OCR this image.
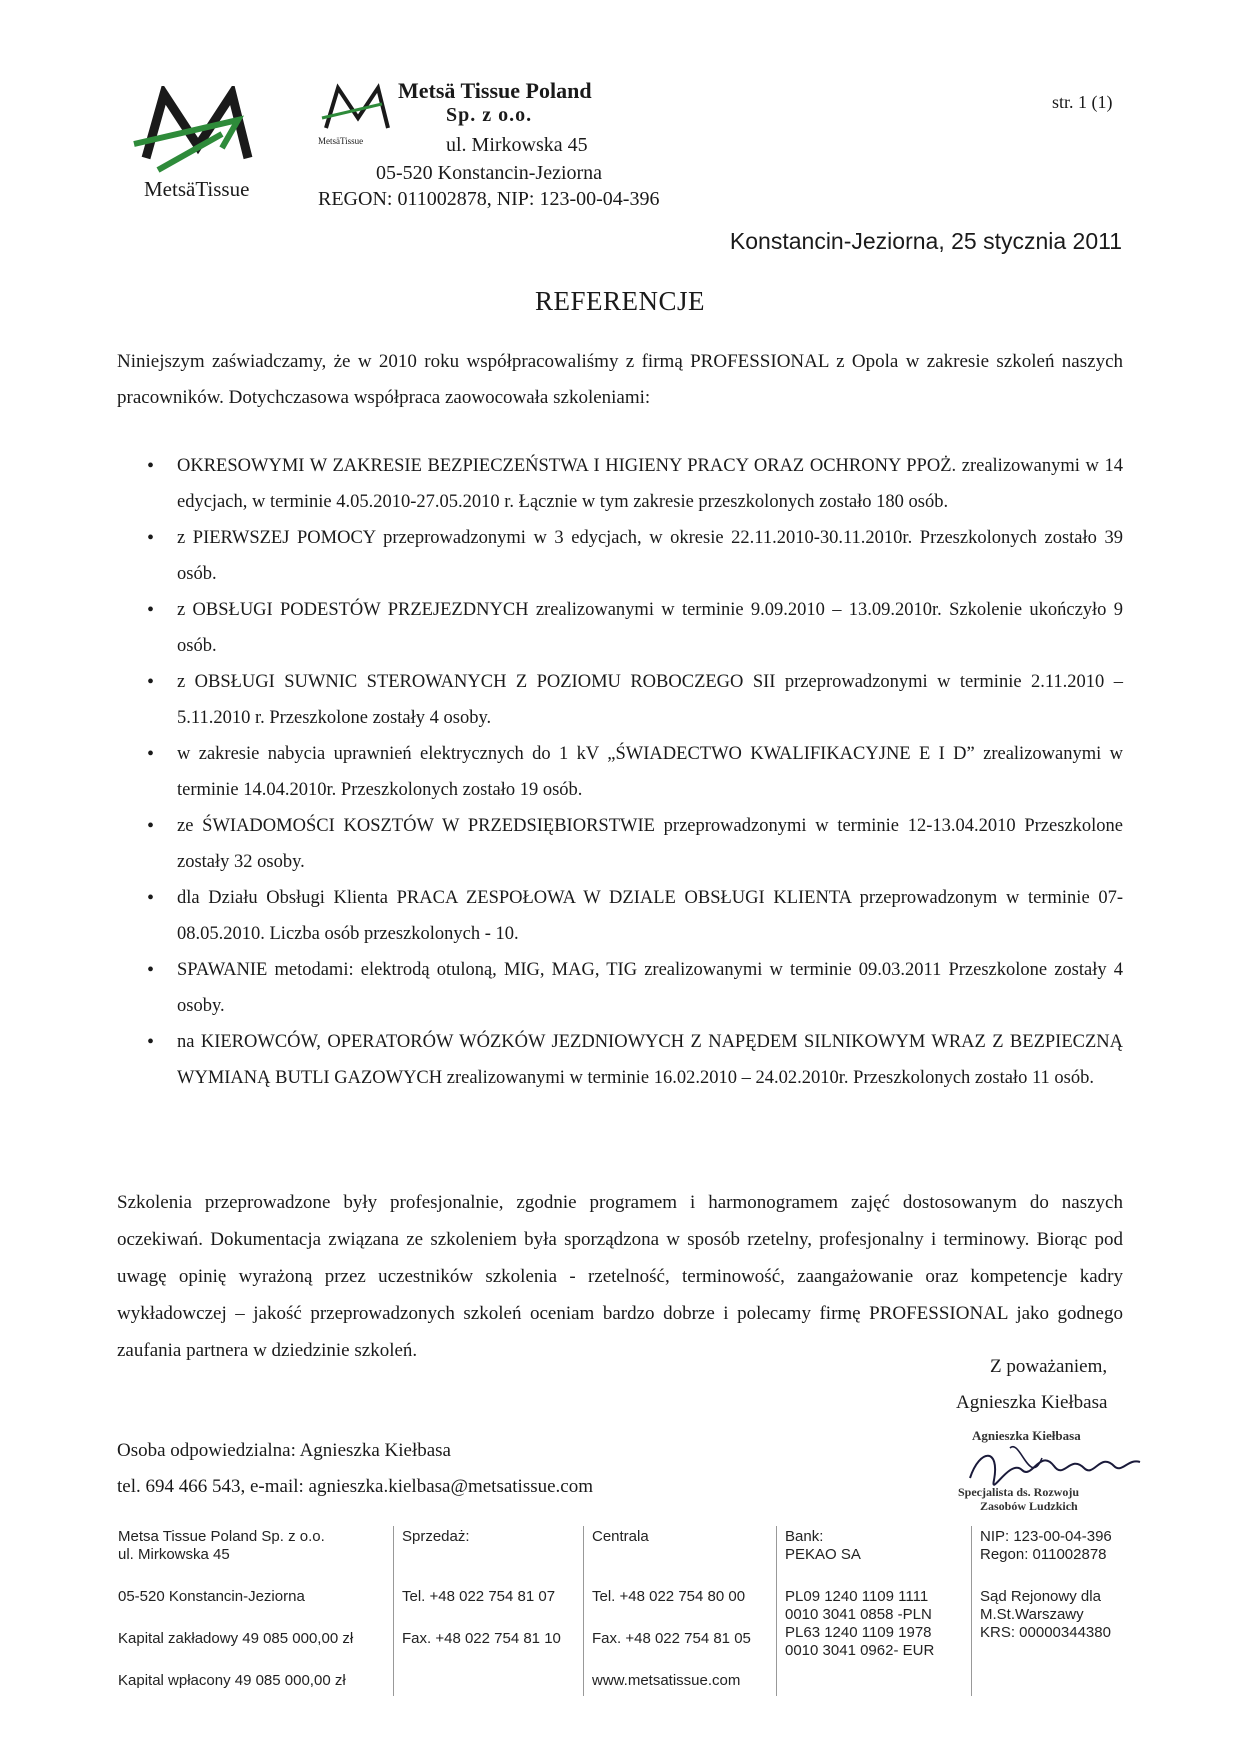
MetsäTissue
MetsäTissue
Metsä Tissue Poland
Sp. z o.o.
ul. Mirkowska 45
05-520 Konstancin-Jeziorna
REGON: 011002878, NIP: 123-00-04-396
str. 1 (1)
Konstancin-Jeziorna, 25 stycznia 2011
REFERENCJE
Niniejszym zaświadczamy, że w 2010 roku współpracowaliśmy z firmą PROFESSIONAL z Opola w zakresie szkoleń naszych pracowników. Dotychczasowa współpraca zaowocowała szkoleniami:
• OKRESOWYMI W ZAKRESIE BEZPIECZEŃSTWA I HIGIENY PRACY ORAZ OCHRONY PPOŻ. zrealizowanymi w 14 edycjach, w terminie 4.05.2010-27.05.2010 r. Łącznie w tym zakresie przeszkolonych zostało 180 osób.
• z PIERWSZEJ POMOCY przeprowadzonymi w 3 edycjach, w okresie 22.11.2010-30.11.2010r. Przeszkolonych zostało 39 osób.
• z OBSŁUGI PODESTÓW PRZEJEZDNYCH zrealizowanymi w terminie 9.09.2010 – 13.09.2010r. Szkolenie ukończyło 9 osób.
• z OBSŁUGI SUWNIC STEROWANYCH Z POZIOMU ROBOCZEGO SII przeprowadzonymi w terminie 2.11.2010 – 5.11.2010 r. Przeszkolone zostały 4 osoby.
• w zakresie nabycia uprawnień elektrycznych do 1 kV „ŚWIADECTWO KWALIFIKACYJNE E I D” zrealizowanymi w terminie 14.04.2010r. Przeszkolonych zostało 19 osób.
• ze ŚWIADOMOŚCI KOSZTÓW W PRZEDSIĘBIORSTWIE przeprowadzonymi w terminie 12-13.04.2010 Przeszkolone zostały 32 osoby.
• dla Działu Obsługi Klienta PRACA ZESPOŁOWA W DZIALE OBSŁUGI KLIENTA przeprowadzonym w terminie 07-08.05.2010. Liczba osób przeszkolonych - 10.
• SPAWANIE metodami: elektrodą otuloną, MIG, MAG, TIG zrealizowanymi w terminie 09.03.2011 Przeszkolone zostały 4 osoby.
• na KIEROWCÓW, OPERATORÓW WÓZKÓW JEZDNIOWYCH Z NAPĘDEM SILNIKOWYM WRAZ Z BEZPIECZNĄ WYMIANĄ BUTLI GAZOWYCH zrealizowanymi w terminie 16.02.2010 – 24.02.2010r. Przeszkolonych zostało 11 osób.
Szkolenia przeprowadzone były profesjonalnie, zgodnie programem i harmonogramem zajęć dostosowanym do naszych oczekiwań. Dokumentacja związana ze szkoleniem była sporządzona w sposób rzetelny, profesjonalny i terminowy. Biorąc pod uwagę opinię wyrażoną przez uczestników szkolenia - rzetelność, terminowość, zaangażowanie oraz kompetencje kadry wykładowczej – jakość przeprowadzonych szkoleń oceniam bardzo dobrze i polecamy firmę PROFESSIONAL jako godnego zaufania partnera w dziedzinie szkoleń.
Z poważaniem,
Agnieszka Kiełbasa
Agnieszka Kiełbasa
Specjalista ds. Rozwoju
Zasobów Ludzkich
Osoba odpowiedzialna: Agnieszka Kiełbasa
tel. 694 466 543, e-mail: agnieszka.kielbasa@metsatissue.com
Metsa Tissue Poland Sp. z o.o.
ul. Mirkowska 45
05-520 Konstancin-Jeziorna
Kapital zakładowy 49 085 000,00 zł
Kapital wpłacony 49 085 000,00 zł
Sprzedaż:
Tel. +48 022 754 81 07
Fax. +48 022 754 81 10
Centrala
Tel. +48 022 754 80 00
Fax. +48 022 754 81 05
www.metsatissue.com
Bank:
PEKAO SA
PL09 1240 1109 1111
0010 3041 0858 -PLN
PL63 1240 1109 1978
0010 3041 0962- EUR
NIP: 123-00-04-396
Regon: 011002878
Sąd Rejonowy dla
M.St.Warszawy
KRS: 00000344380
